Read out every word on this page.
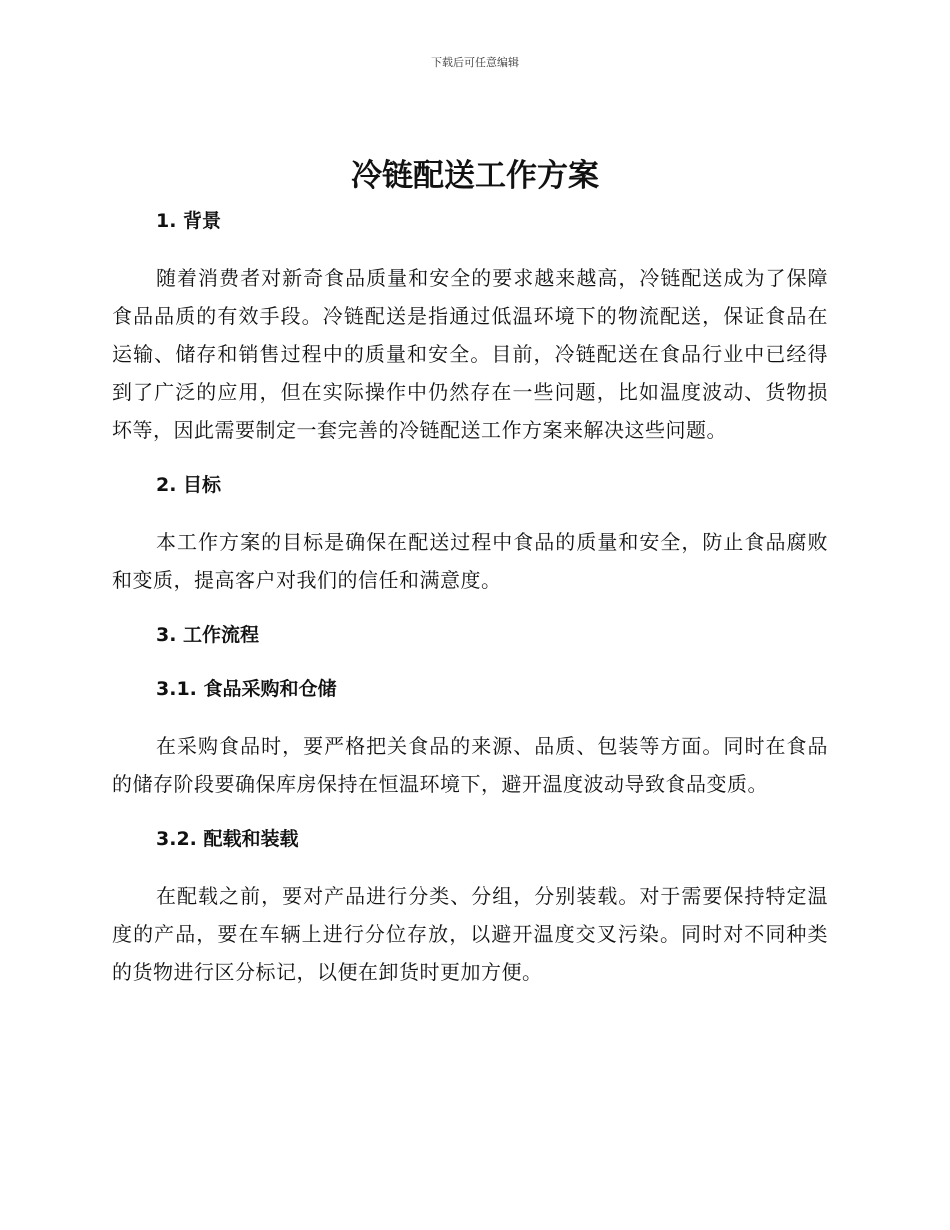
下载后可任意编辑
冷链配送工作方案
1. 背景

随着消费者对新奇食品质量和安全的要求越来越高，冷链配送成为了保障食品品质的有效手段。冷链配送是指通过低温环境下的物流配送，保证食品在运输、储存和销售过程中的质量和安全。目前，冷链配送在食品行业中已经得到了广泛的应用，但在实际操作中仍然存在一些问题，比如温度波动、货物损坏等，因此需要制定一套完善的冷链配送工作方案来解决这些问题。

2. 目标

本工作方案的目标是确保在配送过程中食品的质量和安全，防止食品腐败和变质，提高客户对我们的信任和满意度。

3. 工作流程
3.1. 食品采购和仓储

在采购食品时，要严格把关食品的来源、品质、包装等方面。同时在食品的储存阶段要确保库房保持在恒温环境下，避开温度波动导致食品变质。

3.2. 配载和装载

在配载之前，要对产品进行分类、分组，分别装载。对于需要保持特定温度的产品，要在车辆上进行分位存放，以避开温度交叉污染。同时对不同种类的货物进行区分标记，以便在卸货时更加方便。
